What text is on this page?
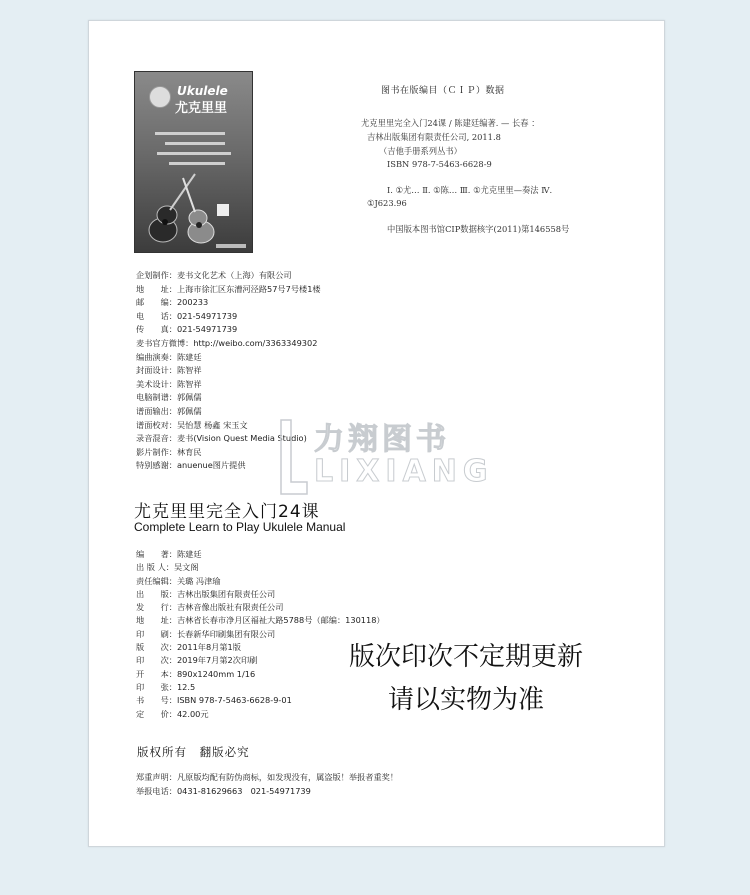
Ukulele
尤克里里
图书在版编目（ＣＩＰ）数据
尤克里里完全入门24课 / 陈建廷编著. — 长春 ：
吉林出版集团有限责任公司, 2011.8
（吉他手册系列丛书）
ISBN 978-7-5463-6628-9
Ⅰ. ①尤… Ⅱ. ①陈… Ⅲ. ①尤克里里—奏法 Ⅳ.
①J623.96
中国版本图书馆CIP数据核字(2011)第146558号
企划制作：麦书文化艺术（上海）有限公司
地　　址：上海市徐汇区东漕河泾路57号7号楼1楼
邮　　编：200233
电　　话：021-54971739
传　　真：021-54971739
麦书官方微博：http://weibo.com/3363349302
编曲演奏：陈建廷
封面设计：陈智祥
美术设计：陈智祥
电脑制谱：郭佩儒
谱面输出：郭佩儒
谱面校对：吴怡慧 杨鑫 宋玉文
录音混音：麦书(Vision Quest Media Studio)
影片制作：林育民
特别感谢：anuenue图片提供
力翔图书
LIXIANG
尤克里里完全入门24课
Complete Learn to Play Ukulele Manual
编　　著：陈建廷
出 版 人：吴文阁
责任编辑：关璐 冯津瑜
出　　版：吉林出版集团有限责任公司
发　　行：吉林音像出版社有限责任公司
地　　址：吉林省长春市净月区福祉大路5788号（邮编：130118）
印　　刷：长春新华印刷集团有限公司
版　　次：2011年8月第1版
印　　次：2019年7月第2次印刷
开　　本：890x1240mm 1/16
印　　张：12.5
书　　号：ISBN 978-7-5463-6628-9-01
定　　价：42.00元
版次印次不定期更新
请以实物为准
版权所有 翻版必究
郑重声明：凡原版均配有防伪商标，如发现没有，属盗版！举报者重奖！
举报电话：0431-81629663　021-54971739
